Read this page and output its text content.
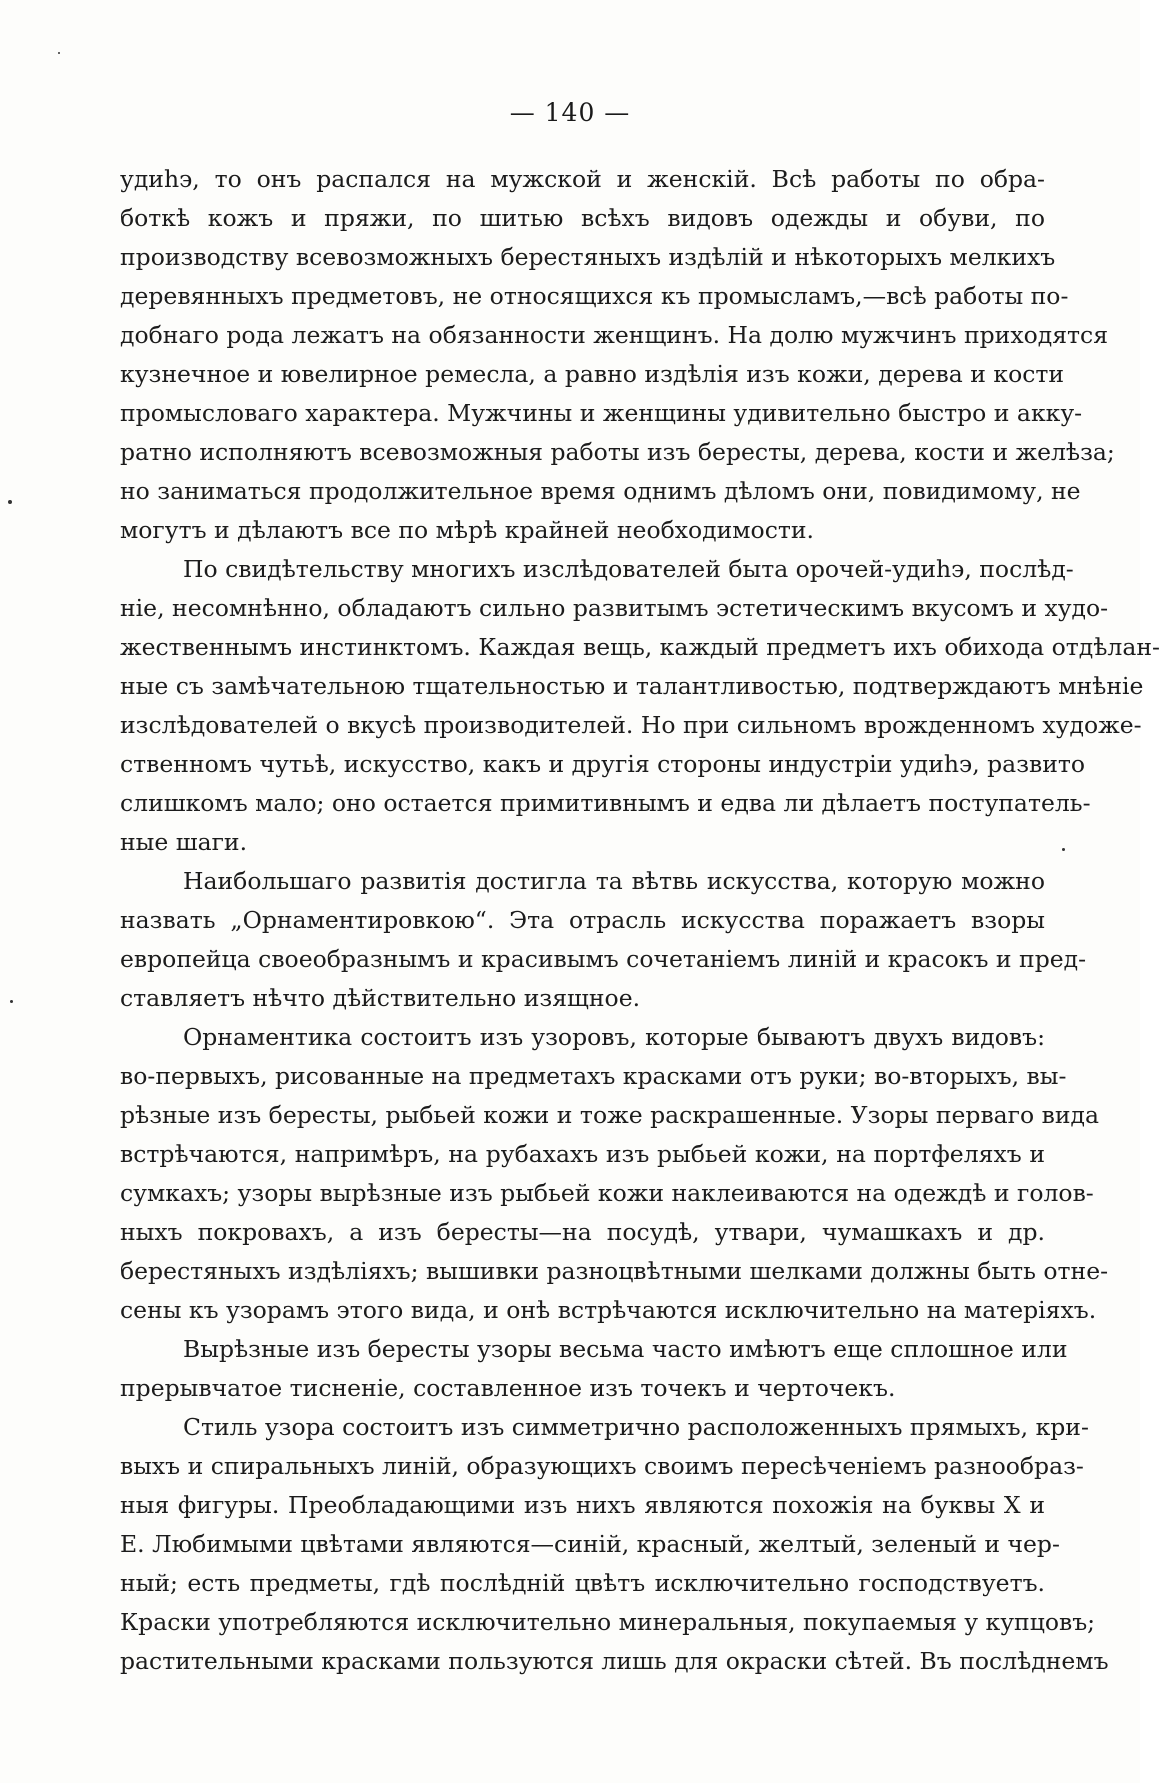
— 140 —
удиһэ, то онъ распался на мужской и женскій. Всѣ работы по обра-
боткѣ кожъ и пряжи, по шитью всѣхъ видовъ одежды и обуви, по
производству всевозможныхъ берестяныхъ издѣлій и нѣкоторыхъ мелкихъ
деревянныхъ предметовъ, не относящихся къ промысламъ,—всѣ работы по-
добнаго рода лежатъ на обязанности женщинъ. На долю мужчинъ приходятся
кузнечное и ювелирное ремесла, а равно издѣлія изъ кожи, дерева и кости
промысловаго характера. Мужчины и женщины удивительно быстро и акку-
ратно исполняютъ всевозможныя работы изъ бересты, дерева, кости и желѣза;
но заниматься продолжительное время однимъ дѣломъ они, повидимому, не
могутъ и дѣлаютъ все по мѣрѣ крайней необходимости.
По свидѣтельству многихъ изслѣдователей быта орочей-удиһэ, послѣд-
ніе, несомнѣнно, обладаютъ сильно развитымъ эстетическимъ вкусомъ и худо-
жественнымъ инстинктомъ. Каждая вещь, каждый предметъ ихъ обихода отдѣлан-
ные съ замѣчательною тщательностью и талантливостью, подтверждаютъ мнѣніе
изслѣдователей о вкусѣ производителей. Но при сильномъ врожденномъ художе-
ственномъ чутьѣ, искусство, какъ и другія стороны индустріи удиһэ, развито
слишкомъ мало; оно остается примитивнымъ и едва ли дѣлаетъ поступатель-
ные шаги.
Наибольшаго развитія достигла та вѣтвь искусства, которую можно
назвать „Орнаментировкою“. Эта отрасль искусства поражаетъ взоры
европейца своеобразнымъ и красивымъ сочетаніемъ линій и красокъ и пред-
ставляетъ нѣчто дѣйствительно изящное.
Орнаментика состоитъ изъ узоровъ, которые бываютъ двухъ видовъ:
во-первыхъ, рисованные на предметахъ красками отъ руки; во-вторыхъ, вы-
рѣзные изъ бересты, рыбьей кожи и тоже раскрашенные. Узоры перваго вида
встрѣчаются, напримѣръ, на рубахахъ изъ рыбьей кожи, на портфеляхъ и
сумкахъ; узоры вырѣзные изъ рыбьей кожи наклеиваются на одеждѣ и голов-
ныхъ покровахъ, а изъ бересты—на посудѣ, утвари, чумашкахъ и др.
берестяныхъ издѣліяхъ; вышивки разноцвѣтными шелками должны быть отне-
сены къ узорамъ этого вида, и онѣ встрѣчаются исключительно на матеріяхъ.
Вырѣзные изъ бересты узоры весьма часто имѣютъ еще сплошное или
прерывчатое тисненіе, составленное изъ точекъ и черточекъ.
Стиль узора состоитъ изъ симметрично расположенныхъ прямыхъ, кри-
выхъ и спиральныхъ линій, образующихъ своимъ пересѣченіемъ разнообраз-
ныя фигуры. Преобладающими изъ нихъ являются похожія на буквы X и
E. Любимыми цвѣтами являются—синій, красный, желтый, зеленый и чер-
ный; есть предметы, гдѣ послѣдній цвѣтъ исключительно господствуетъ.
Краски употребляются исключительно минеральныя, покупаемыя у купцовъ;
растительными красками пользуются лишь для окраски сѣтей. Въ послѣднемъ
